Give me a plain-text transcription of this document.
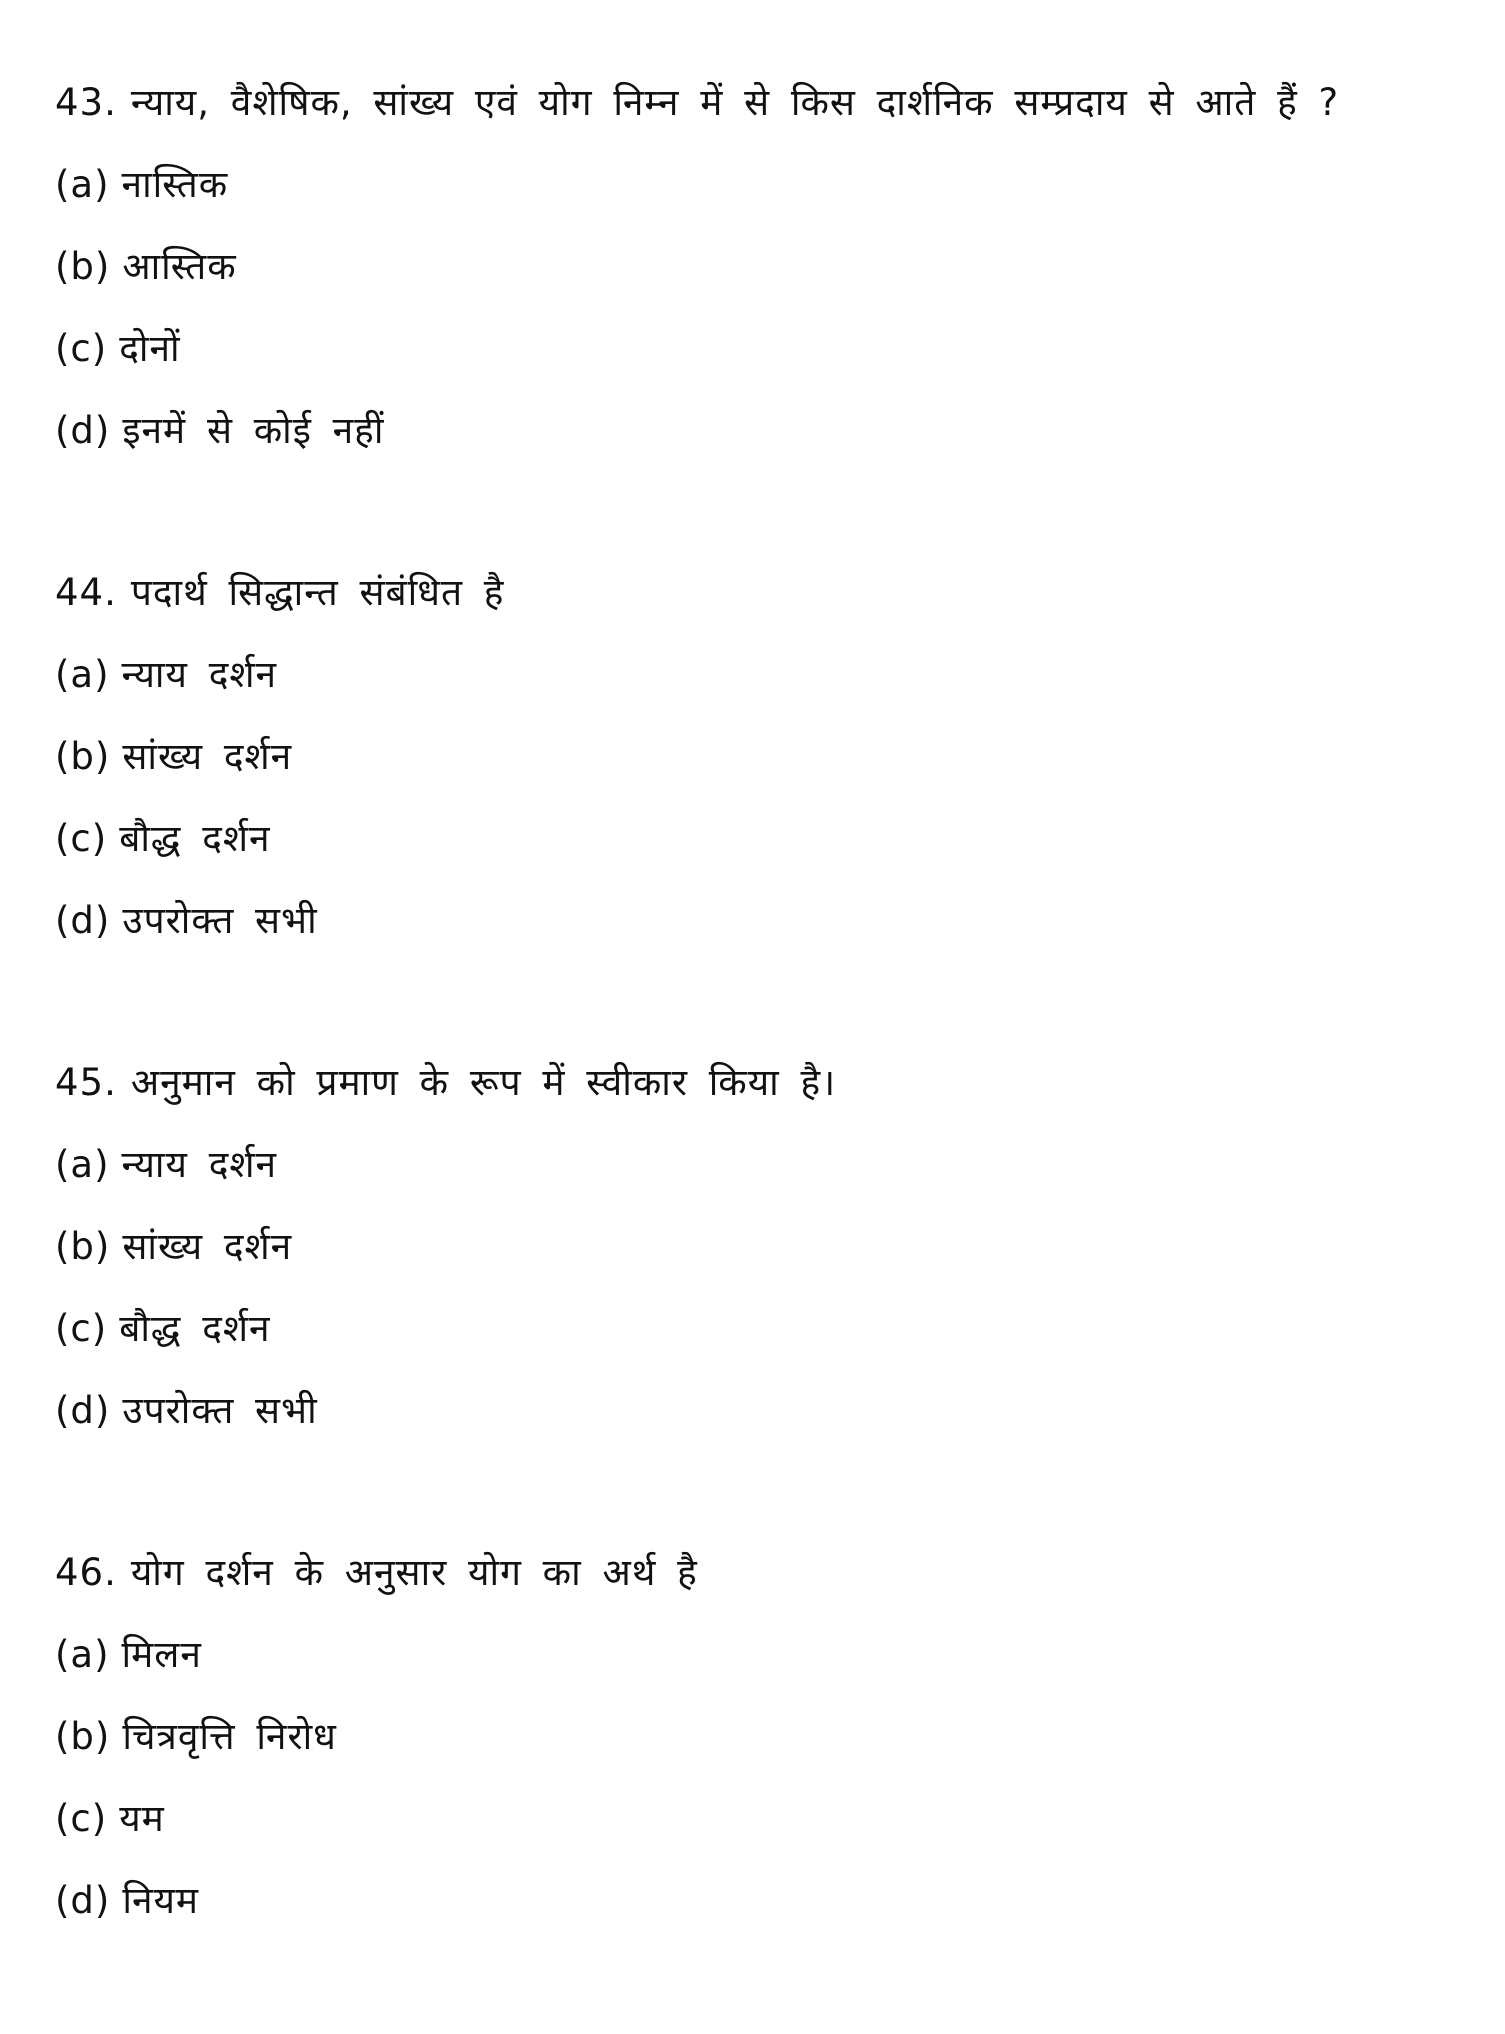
43. न्याय, वैशेषिक, सांख्य एवं योग निम्न में से किस दार्शनिक सम्प्रदाय से आते हैं ?
(a) नास्तिक
(b) आस्तिक
(c) दोनों
(d) इनमें से कोई नहीं
44. पदार्थ सिद्धान्त संबंधित है
(a) न्याय दर्शन
(b) सांख्य दर्शन
(c) बौद्ध दर्शन
(d) उपरोक्त सभी
45. अनुमान को प्रमाण के रूप में स्वीकार किया है।
(a) न्याय दर्शन
(b) सांख्य दर्शन
(c) बौद्ध दर्शन
(d) उपरोक्त सभी
46. योग दर्शन के अनुसार योग का अर्थ है
(a) मिलन
(b) चित्रवृत्ति निरोध
(c) यम
(d) नियम
